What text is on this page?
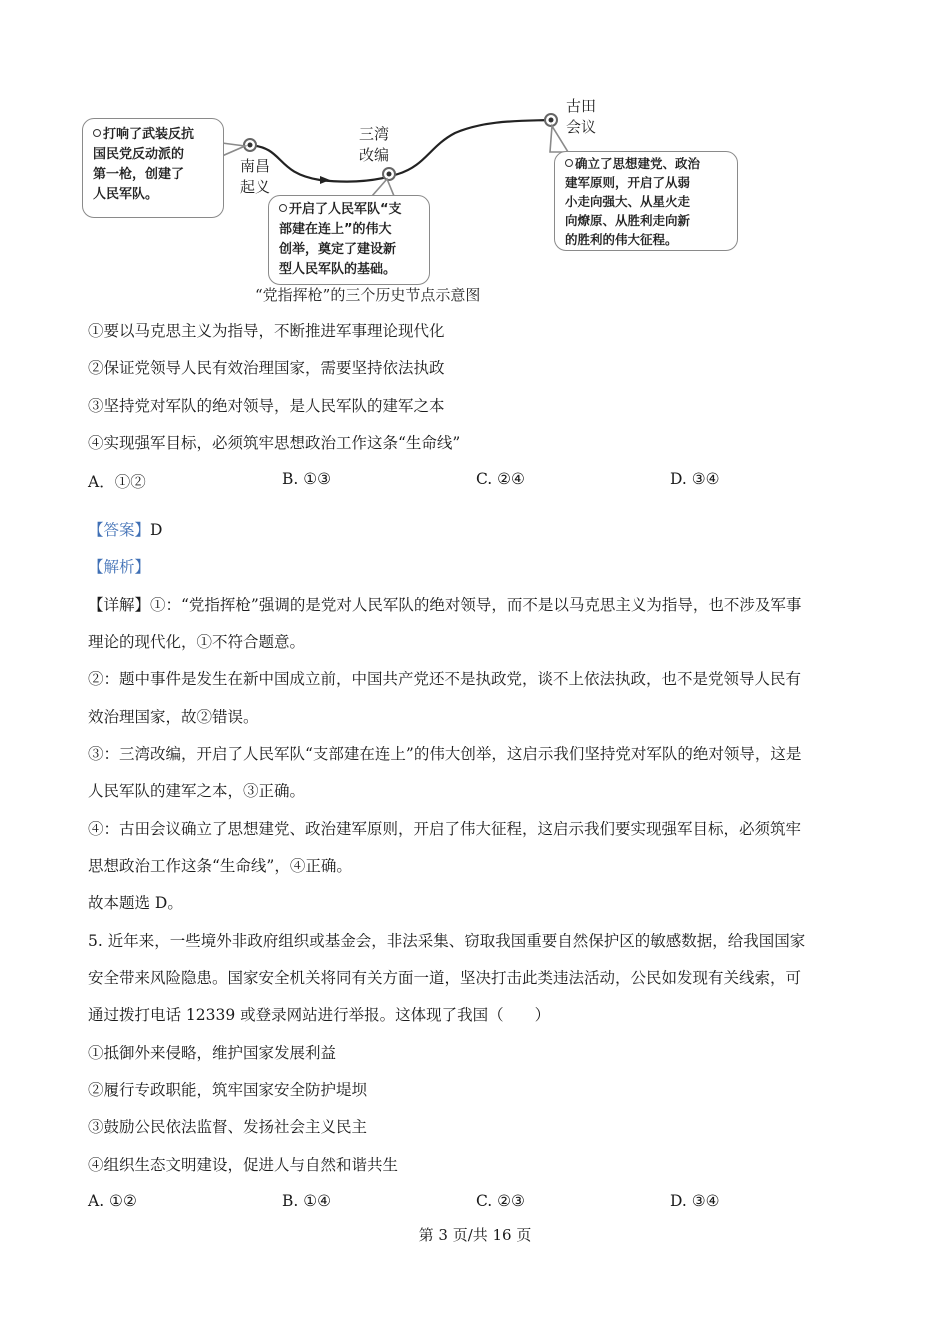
打响了武装反抗
国民党反动派的
第一枪，创建了
人民军队。
南昌
起义
三湾
改编
开启了人民军队“支
部建在连上”的伟大
创举，奠定了建设新
型人民军队的基础。
古田
会议
确立了思想建党、政治
建军原则，开启了从弱
小走向强大、从星火走
向燎原、从胜利走向新
的胜利的伟大征程。
“党指挥枪”的三个历史节点示意图
①要以马克思主义为指导，不断推进军事理论现代化
②保证党领导人民有效治理国家，需要坚持依法执政
③坚持党对军队的绝对领导，是人民军队的建军之本
④实现强军目标，必须筑牢思想政治工作这条“生命线”
A．①②	B. ①③	C. ②④	D. ③④
【答案】D
【解析】
【详解】①：“党指挥枪”强调的是党对人民军队的绝对领导，而不是以马克思主义为指导，也不涉及军事
理论的现代化，①不符合题意。
②：题中事件是发生在新中国成立前，中国共产党还不是执政党，谈不上依法执政，也不是党领导人民有
效治理国家，故②错误。
③：三湾改编，开启了人民军队“支部建在连上”的伟大创举，这启示我们坚持党对军队的绝对领导，这是
人民军队的建军之本，③正确。
④：古田会议确立了思想建党、政治建军原则，开启了伟大征程，这启示我们要实现强军目标，必须筑牢
思想政治工作这条“生命线”，④正确。
故本题选 D。
5. 近年来，一些境外非政府组织或基金会，非法采集、窃取我国重要自然保护区的敏感数据，给我国国家
安全带来风险隐患。国家安全机关将同有关方面一道，坚决打击此类违法活动，公民如发现有关线索，可
通过拨打电话 12339 或登录网站进行举报。这体现了我国（　　）
①抵御外来侵略，维护国家发展利益
②履行专政职能，筑牢国家安全防护堤坝
③鼓励公民依法监督、发扬社会主义民主
④组织生态文明建设，促进人与自然和谐共生
A. ①②	B. ①④	C. ②③	D. ③④
第 3 页/共 16 页
